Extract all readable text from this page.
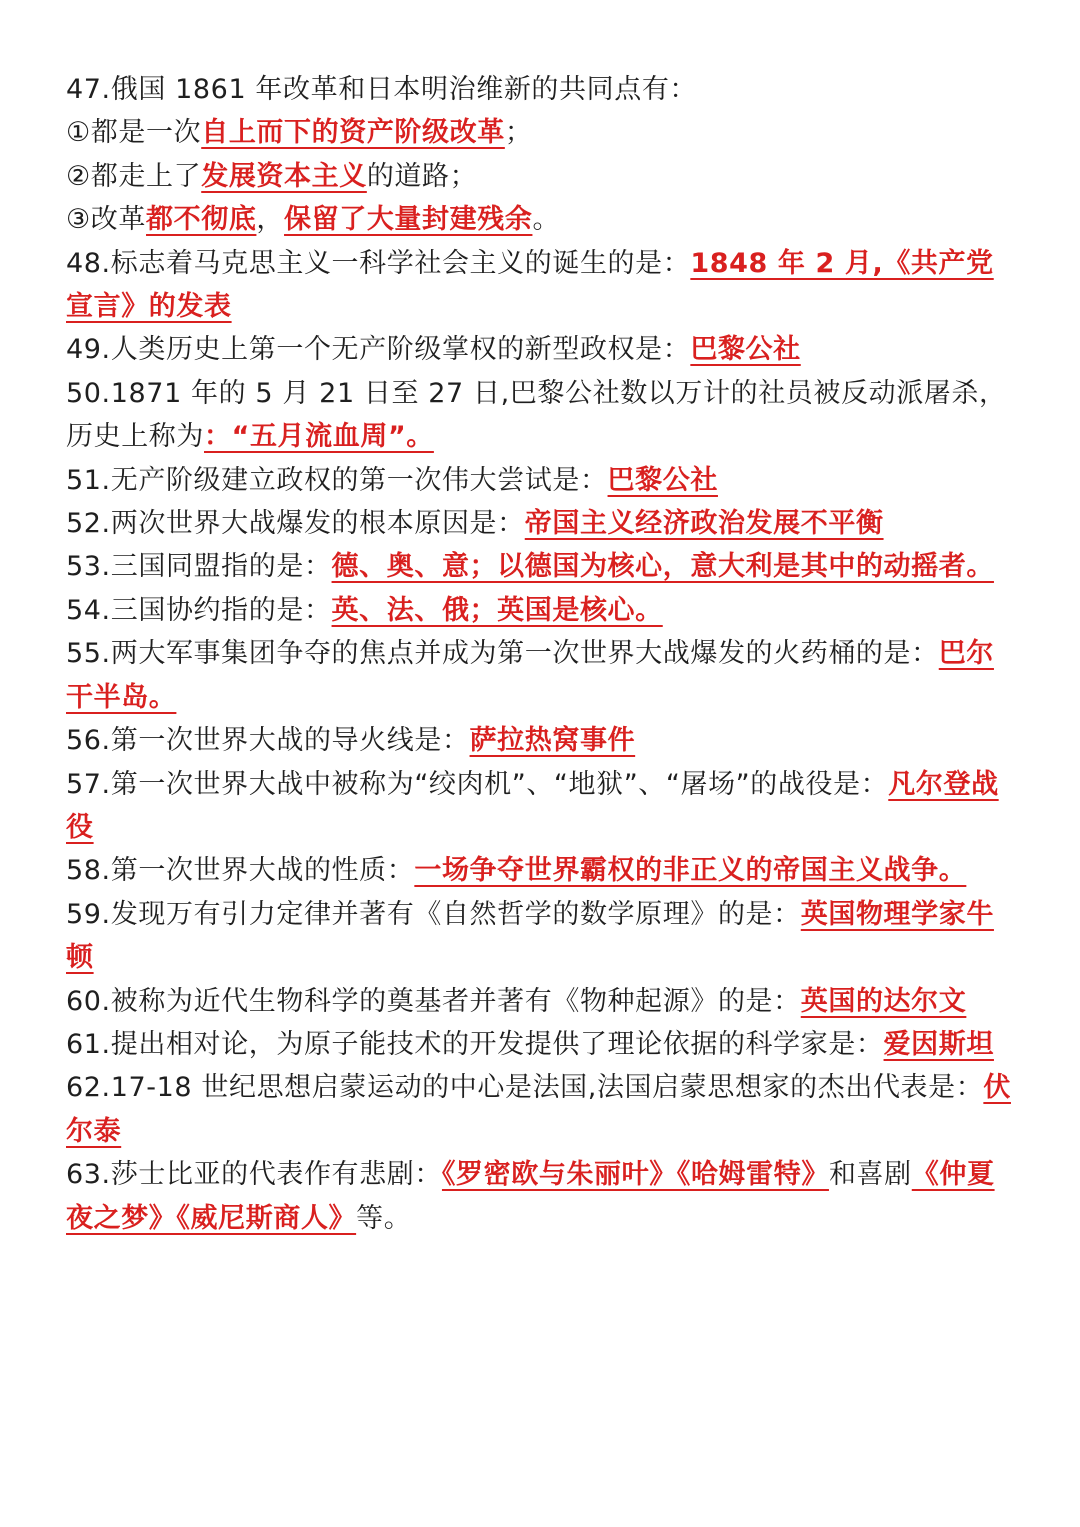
47.俄国 1861 年改革和日本明治维新的共同点有：

①都是一次自上而下的资产阶级改革；

②都走上了发展资本主义的道路；

③改革都不彻底，保留了大量封建残余。

48.标志着马克思主义一科学社会主义的诞生的是：1848 年 2 月,《共产党宣言》的发表

49.人类历史上第一个无产阶级掌权的新型政权是：巴黎公社

50.1871 年的 5 月 21 日至 27 日,巴黎公社数以万计的社员被反动派屠杀，历史上称为：“五月流血周”。

51.无产阶级建立政权的第一次伟大尝试是：巴黎公社

52.两次世界大战爆发的根本原因是：帝国主义经济政治发展不平衡

53.三国同盟指的是：德、奥、意；以德国为核心，意大利是其中的动摇者。

54.三国协约指的是：英、法、俄；英国是核心。

55.两大军事集团争夺的焦点并成为第一次世界大战爆发的火药桶的是：巴尔干半岛。

56.第一次世界大战的导火线是：萨拉热窝事件

57.第一次世界大战中被称为“绞肉机”、“地狱”、“屠场”的战役是：凡尔登战役

58.第一次世界大战的性质：一场争夺世界霸权的非正义的帝国主义战争。

59.发现万有引力定律并著有《自然哲学的数学原理》的是：英国物理学家牛顿

60.被称为近代生物科学的奠基者并著有《物种起源》的是：英国的达尔文

61.提出相对论，为原子能技术的开发提供了理论依据的科学家是：爱因斯坦

62.17-18 世纪思想启蒙运动的中心是法国,法国启蒙思想家的杰出代表是：伏尔泰

63.莎士比亚的代表作有悲剧：《罗密欧与朱丽叶》《哈姆雷特》和喜剧《仲夏夜之梦》《威尼斯商人》等。
